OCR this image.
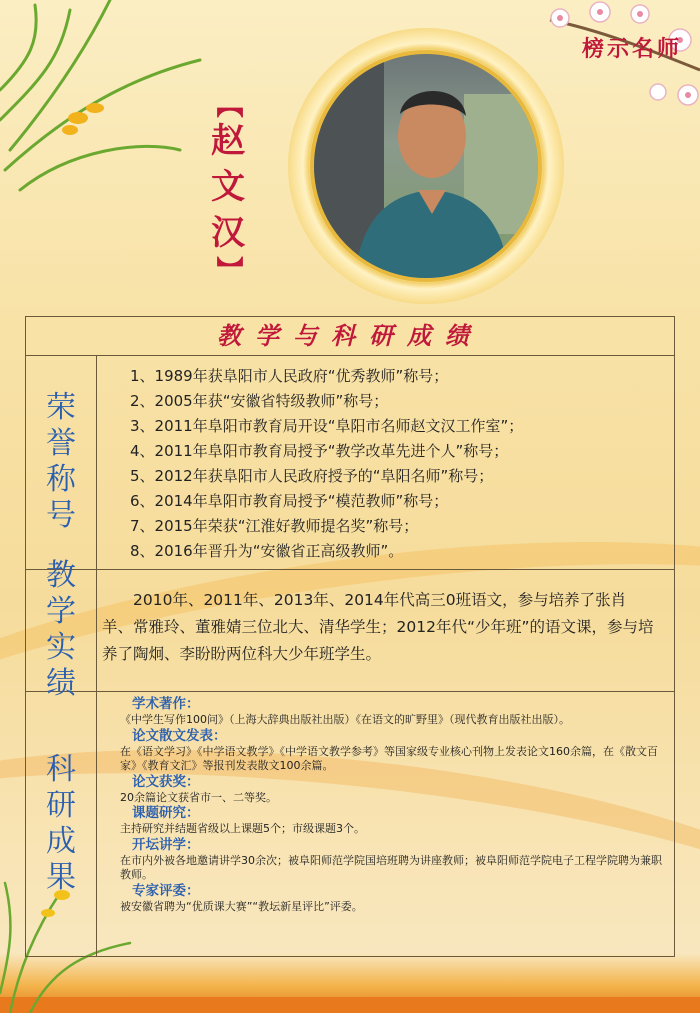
榜示名师
【
赵
文
汉
】
教学与科研成绩
荣
誉
称
号
1、1989年获阜阳市人民政府“优秀教师”称号；
2、2005年获“安徽省特级教师”称号；
3、2011年阜阳市教育局开设“阜阳市名师赵文汉工作室”；
4、2011年阜阳市教育局授予“教学改革先进个人”称号；
5、2012年获阜阳市人民政府授予的“阜阳名师”称号；
6、2014年阜阳市教育局授予“模范教师”称号；
7、2015年荣获“江淮好教师提名奖”称号；
8、2016年晋升为“安徽省正高级教师”。
教
学
实
绩
2010年、2011年、2013年、2014年代高三0班语文，参与培养了张肖羊、常雅玲、董雅婧三位北大、清华学生；2012年代“少年班”的语文课，参与培养了陶炯、李盼盼两位科大少年班学生。
科
研
成
果
学术著作：
《中学生写作100问》（上海大辞典出版社出版）《在语文的旷野里》（现代教育出版社出版）。
论文散文发表：
在《语文学习》《中学语文教学》《中学语文教学参考》等国家级专业核心刊物上发表论文160余篇，在《散文百家》《教育文汇》等报刊发表散文100余篇。
论文获奖：
20余篇论文获省市一、二等奖。
课题研究：
主持研究并结题省级以上课题5个；市级课题3个。
开坛讲学：
在市内外被各地邀请讲学30余次；被阜阳师范学院国培班聘为讲座教师；被阜阳师范学院电子工程学院聘为兼职教师。
专家评委：
被安徽省聘为“优质课大赛”“教坛新星评比”评委。
